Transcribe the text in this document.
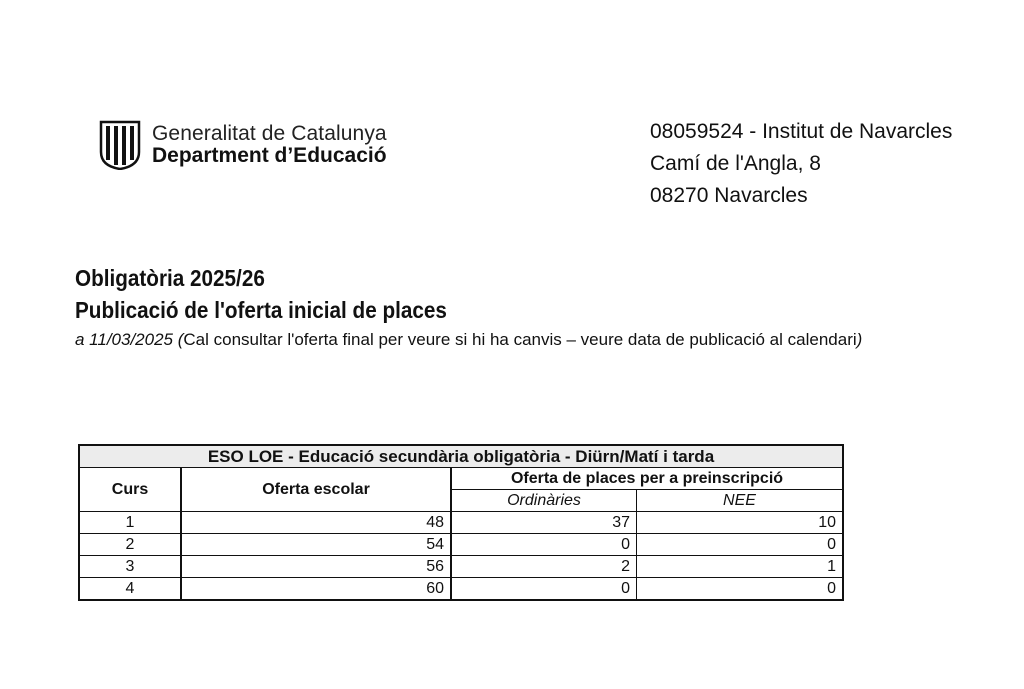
Generalitat de Catalunya
Department d’Educació
08059524 - Institut de Navarcles
Camí de l'Angla, 8
08270 Navarcles
Obligatòria 2025/26
Publicació de l'oferta inicial de places
a 11/03/2025 (Cal consultar l'oferta final per veure si hi ha canvis – veure data de publicació al calendari)
ESO LOE - Educació secundària obligatòria - Diürn/Matí i tarda			
Curs	Oferta escolar	Oferta de places per a preinscripció	
		Ordinàries	NEE
1	48	37	10
2	54	0	0
3	56	2	1
4	60	0	0
